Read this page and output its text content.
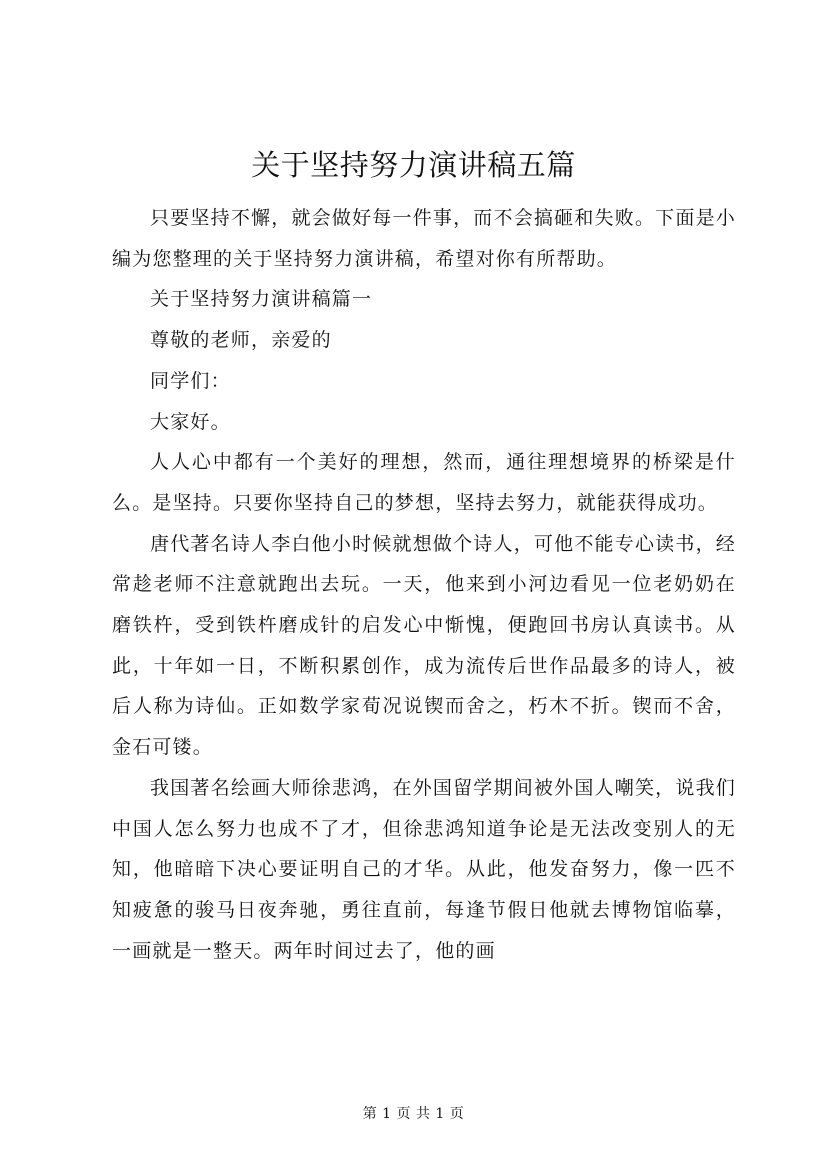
关于坚持努力演讲稿五篇

只要坚持不懈，就会做好每一件事，而不会搞砸和失败。下面是小编为您整理的关于坚持努力演讲稿，希望对你有所帮助。

关于坚持努力演讲稿篇一

尊敬的老师，亲爱的

同学们：

大家好。

人人心中都有一个美好的理想，然而，通往理想境界的桥梁是什么。是坚持。只要你坚持自己的梦想，坚持去努力，就能获得成功。

唐代著名诗人李白他小时候就想做个诗人，可他不能专心读书，经常趁老师不注意就跑出去玩。一天，他来到小河边看见一位老奶奶在磨铁杵，受到铁杵磨成针的启发心中惭愧，便跑回书房认真读书。从此，十年如一日，不断积累创作，成为流传后世作品最多的诗人，被后人称为诗仙。正如数学家荀况说锲而舍之，朽木不折。锲而不舍，金石可镂。

我国著名绘画大师徐悲鸿，在外国留学期间被外国人嘲笑，说我们中国人怎么努力也成不了才，但徐悲鸿知道争论是无法改变别人的无知，他暗暗下决心要证明自己的才华。从此，他发奋努力，像一匹不知疲惫的骏马日夜奔驰，勇往直前，每逢节假日他就去博物馆临摹，一画就是一整天。两年时间过去了，他的画

第 1 页 共 1 页
